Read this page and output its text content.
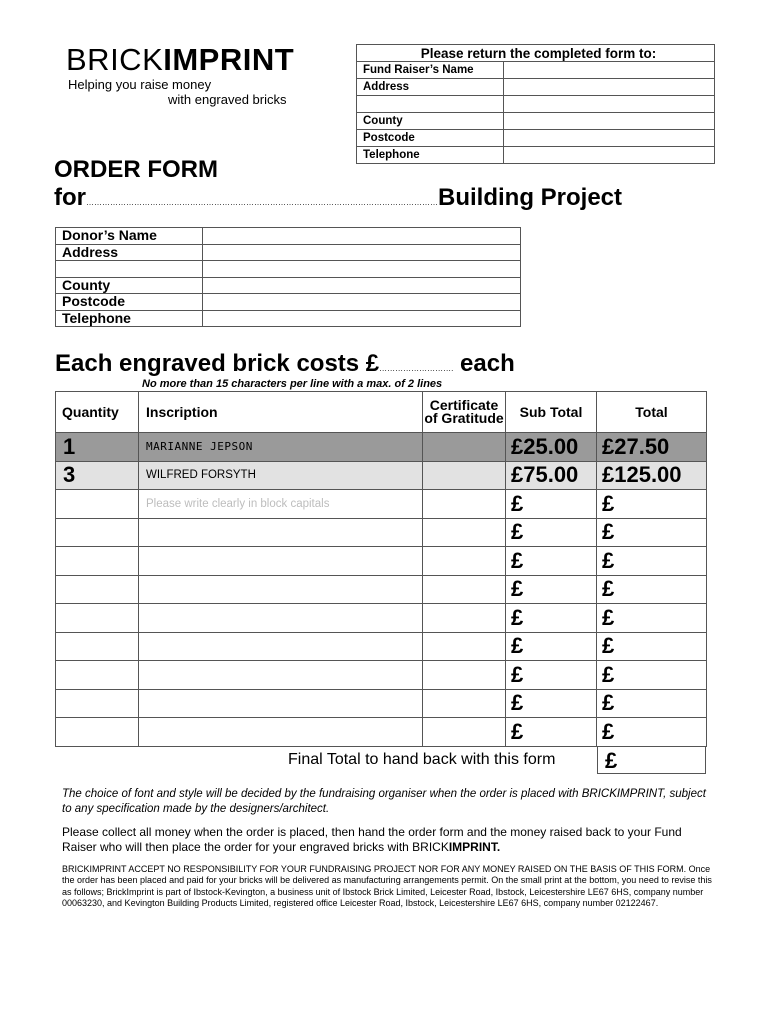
BRICKIMPRINT
Helping you raise money
with engraved bricks
Please return the completed form to:	
Fund Raiser’s Name	
Address	

County	
Postcode	
Telephone	
ORDER FORM
for……………………………………………………………………………………………………………………Building Project
Donor’s Name	
Address	

County	
Postcode	
Telephone	
Each engraved brick costs £………………………. each
No more than 15 characters per line with a max. of 2 lines
Quantity	Inscription	Certificate of Gratitude	Sub Total	Total
1	MARIANNE JEPSON		£25.00	£27.50
3	WILFRED FORSYTH		£75.00	£125.00
	Please write clearly in block capitals		£	£
			£	£
			£	£
			£	£
			£	£
			£	£
			£	£
			£	£
			£	£
Final Total to hand back with this form	£
The choice of font and style will be decided by the fundraising organiser when the order is placed with BRICKIMPRINT, subject to any specification made by the designers/architect.
Please collect all money when the order is placed, then hand the order form and the money raised back to your Fund Raiser who will then place the order for your engraved bricks with BRICKIMPRINT.
BRICKIMPRINT ACCEPT NO RESPONSIBILITY FOR YOUR FUNDRAISING PROJECT NOR FOR ANY MONEY RAISED ON THE BASIS OF THIS FORM. Once the order has been placed and paid for your bricks will be delivered as manufacturing arrangements permit. On the small print at the bottom, you need to revise this as follows; BrickImprint is part of Ibstock-Kevington, a business unit of Ibstock Brick Limited, Leicester Road, Ibstock, Leicestershire LE67 6HS, company number 00063230, and Kevington Building Products Limited, registered office Leicester Road, Ibstock, Leicestershire LE67 6HS, company number 02122467.
